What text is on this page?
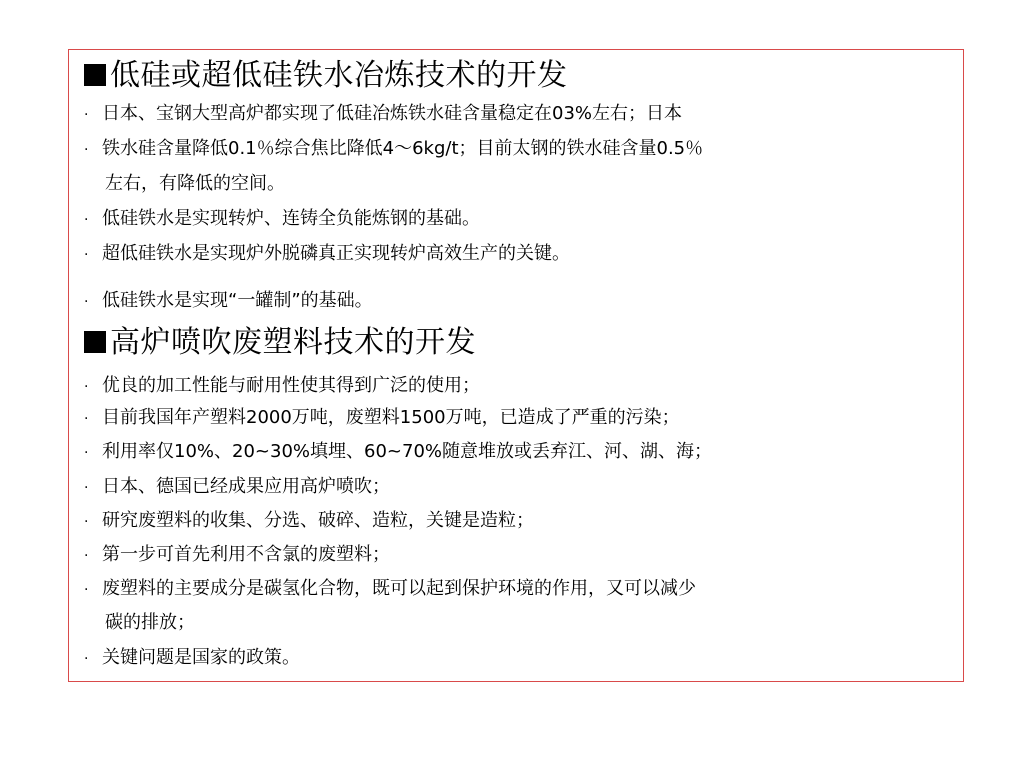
低硅或超低硅铁水冶炼技术的开发
· 日本、宝钢大型高炉都实现了低硅冶炼铁水硅含量稳定在03%左右；日本
· 铁水硅含量降低0.1％综合焦比降低4～6kg/t；目前太钢的铁水硅含量0.5％
左右，有降低的空间。
· 低硅铁水是实现转炉、连铸全负能炼钢的基础。
· 超低硅铁水是实现炉外脱磷真正实现转炉高效生产的关键。
· 低硅铁水是实现“一罐制”的基础。
高炉喷吹废塑料技术的开发
· 优良的加工性能与耐用性使其得到广泛的使用；
· 目前我国年产塑料2000万吨，废塑料1500万吨，已造成了严重的污染；
· 利用率仅10%、20~30%填埋、60~70%随意堆放或丢弃江、河、湖、海；
· 日本、德国已经成果应用高炉喷吹；
· 研究废塑料的收集、分选、破碎、造粒，关键是造粒；
· 第一步可首先利用不含氯的废塑料；
· 废塑料的主要成分是碳氢化合物，既可以起到保护环境的作用，又可以减少
碳的排放；
· 关键问题是国家的政策。
